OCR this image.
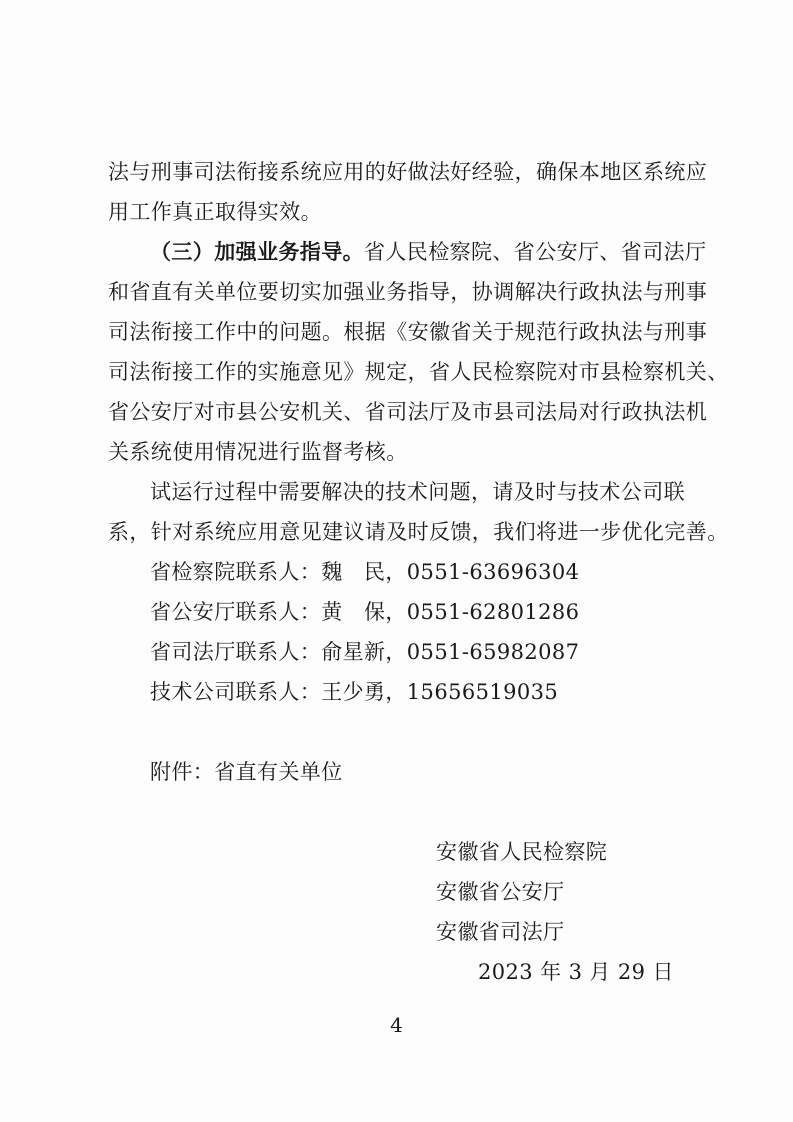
法与刑事司法衔接系统应用的好做法好经验，确保本地区系统应
用工作真正取得实效。
（三）加强业务指导。省人民检察院、省公安厅、省司法厅
和省直有关单位要切实加强业务指导，协调解决行政执法与刑事
司法衔接工作中的问题。根据《安徽省关于规范行政执法与刑事
司法衔接工作的实施意见》规定，省人民检察院对市县检察机关、
省公安厅对市县公安机关、省司法厅及市县司法局对行政执法机
关系统使用情况进行监督考核。
试运行过程中需要解决的技术问题，请及时与技术公司联
系，针对系统应用意见建议请及时反馈，我们将进一步优化完善。
省检察院联系人：魏　民，0551-63696304
省公安厅联系人：黄　保，0551-62801286
省司法厅联系人：俞星新，0551-65982087
技术公司联系人：王少勇，15656519035
附件：省直有关单位
安徽省人民检察院
安徽省公安厅
安徽省司法厅
2023 年 3 月 29 日
4
